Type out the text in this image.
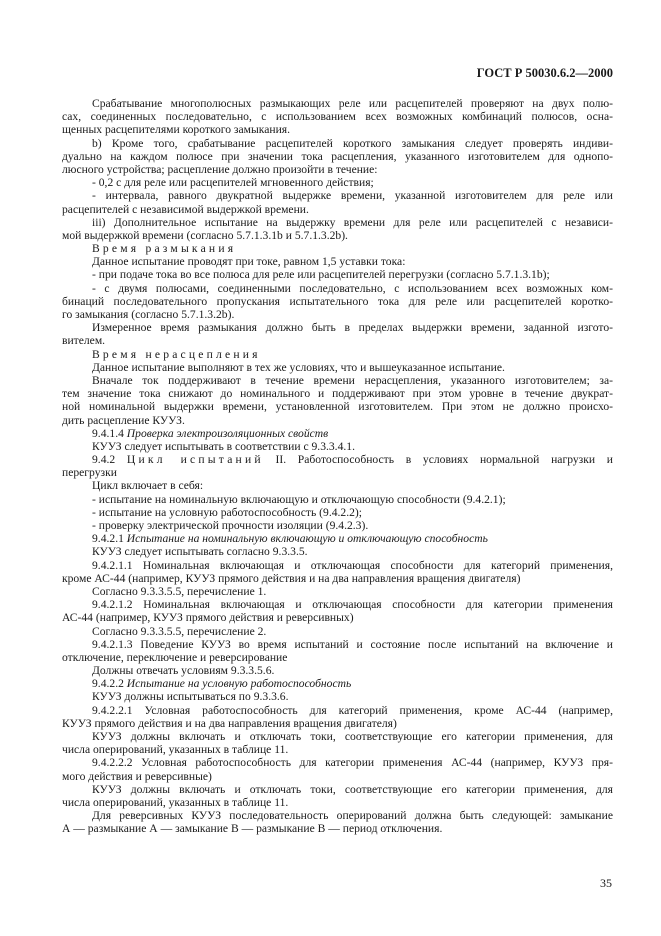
ГОСТ Р 50030.6.2—2000
Срабатывание многополюсных размыкающих реле или расцепителей проверяют на двух полю-
сах, соединенных последовательно, с использованием всех возможных комбинаций полюсов, осна-
щенных расцепителями короткого замыкания.
b) Кроме того, срабатывание расцепителей короткого замыкания следует проверять индиви-
дуально на каждом полюсе при значении тока расцепления, указанного изготовителем для однопо-
люсного устройства; расцепление должно произойти в течение:
- 0,2 с для реле или расцепителей мгновенного действия;
- интервала, равного двукратной выдержке времени, указанной изготовителем для реле или
расцепителей с независимой выдержкой времени.
iii) Дополнительное испытание на выдержку времени для реле или расцепителей с независи-
мой выдержкой времени (согласно 5.7.1.3.1b и 5.7.1.3.2b).
Время размыкания
Данное испытание проводят при токе, равном 1,5 уставки тока:
- при подаче тока во все полюса для реле или расцепителей перегрузки (согласно 5.7.1.3.1b);
- с двумя полюсами, соединенными последовательно, с использованием всех возможных ком-
бинаций последовательного пропускания испытательного тока для реле или расцепителей коротко-
го замыкания (согласно 5.7.1.3.2b).
Измеренное время размыкания должно быть в пределах выдержки времени, заданной изгото-
вителем.
Время нерасцепления
Данное испытание выполняют в тех же условиях, что и вышеуказанное испытание.
Вначале ток поддерживают в течение времени нерасцепления, указанного изготовителем; за-
тем значение тока снижают до номинального и поддерживают при этом уровне в течение двукрат-
ной номинальной выдержки времени, установленной изготовителем. При этом не должно происхо-
дить расцепление КУУЗ.
9.4.1.4 Проверка электроизоляционных свойств
КУУЗ следует испытывать в соответствии с 9.3.3.4.1.
9.4.2 Цикл испытаний II. Работоспособность в условиях нормальной нагрузки и
перегрузки
Цикл включает в себя:
- испытание на номинальную включающую и отключающую способности (9.4.2.1);
- испытание на условную работоспособность (9.4.2.2);
- проверку электрической прочности изоляции (9.4.2.3).
9.4.2.1 Испытание на номинальную включающую и отключающую способность
КУУЗ следует испытывать согласно 9.3.3.5.
9.4.2.1.1 Номинальная включающая и отключающая способности для категорий применения,
кроме АС-44 (например, КУУЗ прямого действия и на два направления вращения двигателя)
Согласно 9.3.3.5.5, перечисление 1.
9.4.2.1.2 Номинальная включающая и отключающая способности для категории применения
АС-44 (например, КУУЗ прямого действия и реверсивных)
Согласно 9.3.3.5.5, перечисление 2.
9.4.2.1.3 Поведение КУУЗ во время испытаний и состояние после испытаний на включение и
отключение, переключение и реверсирование
Должны отвечать условиям 9.3.3.5.6.
9.4.2.2 Испытание на условную работоспособность
КУУЗ должны испытываться по 9.3.3.6.
9.4.2.2.1 Условная работоспособность для категорий применения, кроме АС-44 (например,
КУУЗ прямого действия и на два направления вращения двигателя)
КУУЗ должны включать и отключать токи, соответствующие его категории применения, для
числа оперирований, указанных в таблице 11.
9.4.2.2.2 Условная работоспособность для категории применения АС-44 (например, КУУЗ пря-
мого действия и реверсивные)
КУУЗ должны включать и отключать токи, соответствующие его категории применения, для
числа оперирований, указанных в таблице 11.
Для реверсивных КУУЗ последовательность оперирований должна быть следующей: замыкание
А — размыкание А — замыкание В — размыкание В — период отключения.
35
